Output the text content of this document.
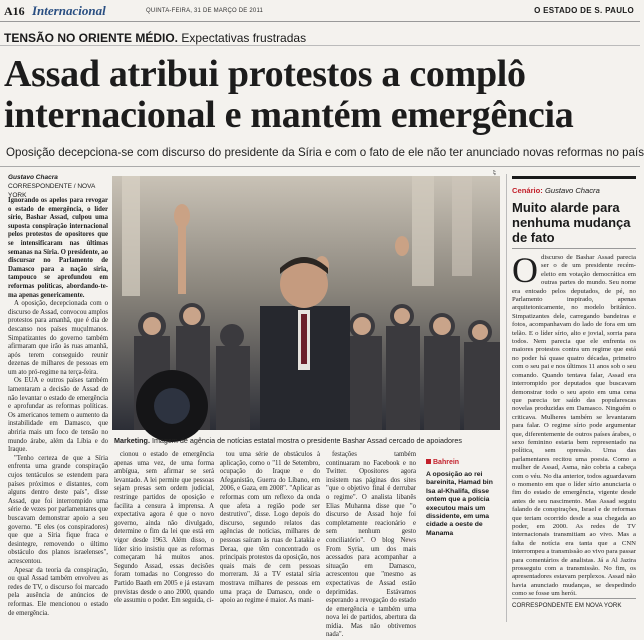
A16 Internacional	QUINTA-FEIRA, 31 DE MARÇO DE 2011	O ESTADO DE S. PAULO
TENSÃO NO ORIENTE MÉDIO. Expectativas frustradas
Assad atribui protestos a complô internacional e mantém emergência
Oposição decepciona-se com discurso do presidente da Síria e com o fato de ele não ter anunciado novas reformas no país
Gustavo Chacra
CORRESPONDENTE / NOVA YORK

Ignorando os apelos para revogar o estado de emergência, o líder sírio, Bashar Assad, culpou uma suposta conspiração internacional pelos protestos de opositores que se intensificaram nas últimas semanas na Síria. O presidente, ao discursar no Parlamento de Damasco para a nação síria, tampouco se aprofundou em reformas políticas, abordando-te-ma apenas genericamente.

A oposição, decepcionada com o discurso de Assad, convocou amplos protestos para amanhã, que é dia de descanso nos países muçulmanos. Simpatizantes do governo também afirmaram que irão às ruas amanhã, após terem conseguido reunir dezenas de milhares de pessoas em um ato pró-regime na terça-feira.

Os EUA e outros países também lamentaram a decisão de Assad de não levantar o estado de emergência e aprofundar as reformas políticas. Os americanos temem o aumento da instabilidade em Damasco, que abriria mais um foco de tensão no mundo árabe, além da Líbia e do Iraque.

"Tenho certeza de que a Síria enfrenta uma grande conspiração cujos tentáculos se estendem para países próximos e distantes, com alguns dentro deste país", disse Assad, que foi interrompido uma série de vezes por parlamentares que buscavam demonstrar apoio a seu governo. "E eles (os conspiradores) que que a Síria fique fraca e desintegre, removendo o último obstáculo dos planos israelenses", acrescentou.

Apesar da teoria da conspiração, ou qual Assad também envolveu as redes de TV, o discurso foi marcado pela ausência de anúncios de reformas. Ele mencionou o estado de emergência.

AP
Marketing. Imagem de agência de notícias estatal mostra o presidente Bashar Assad cercado de apoiadores

cionou o estado de emergência apenas uma vez, de uma forma ambígua, sem afirmar se será levantado. A lei permite que pessoas sejam presas sem ordem judicial, restringe partidos de oposição e facilita a censura à imprensa. A expectativa agora é que o novo governo, ainda não divulgado, determine o fim da lei que está em vigor desde 1963. Além disso, o líder sírio insistiu que as reformas começaram há muitos anos. Segundo Assad, essas decisões foram tomadas no Congresso do Partido Baath em 2005 e já estavam previstas desde o ano 2000, quando ele assumiu o poder. Em seguida, ci-

tou uma série de obstáculos à aplicação, como o "11 de Setembro, ocupação do Iraque e do Afeganistão, Guerra do Líbano, em 2006, e Gaza, em 2008". "Aplicar as reformas com um reflexo da onda que afeta a região pode ser destrutivo", disse. Logo depois do discurso, segundo relatos das agências de notícias, milhares de pessoas saíram às ruas de Latakia e Deraa, que têm concentrado os principais protestos da oposição, nos quais mais de cem pessoas morreram. Já a TV estatal síria mostrava milhares de pessoas em uma praça de Damasco, onde o apoio ao regime é maior. As mani-

festações também continuaram no Facebook e no Twitter. Opositores agora insistem nas páginas dos sites "que o objetivo final é derrubar o regime". O analista libanês Elias Muhanna disse que "o discurso de Assad hoje foi completamente reacionário e sem nenhum gesto conciliatório". O blog News From Syria, um dos mais acessados para acompanhar a situação em Damasco, acrescentou que "mesmo as expectativas de Assad estão deprimidas. Estávamos esperando a revogação do estado de emergência e também uma nova lei de partidos, abertura da mídia. Mas não obtivemos nada".

Bahrein
A oposição ao rei bareinita, Hamad bin Isa al-Khalifa, disse ontem que a polícia executou mais um dissidente, em uma cidade a oeste de Manama
Cenário: Gustavo Chacra
Muito alarde para nenhuma mudança de fato
Odiscurso de Bashar Assad parecia ser o de um presidente recém-eleito em votação democrática em outras partes do mundo. Seu nome era entoado pelos deputados, de pé, no Parlamento inspirado, apenas arquitetonicamente, no modelo britânico. Simpatizantes dele, carregando bandeiras e fotos, acompanhavam do lado de fora em um telão. E o líder sírio, alto e jovial, sorria para todos. Nem parecia que ele enfrenta os maiores protestos contra um regime que está no poder há quase quatro décadas, primeiro com o seu pai e nos últimos 11 anos sob o seu comando. Quando tentava falar, Assad era interrompido por deputados que buscavam demonstrar todo o seu apoio em uma cena que parecia ter saído das popularescas novelas produzidas em Damasco. Ninguém o criticava. Mulheres também se levantaram para falar. O regime sírio pode argumentar que, diferentemente de outros países árabes, o sexo feminino estaria bem representado na política, sem opressão. Uma das parlamentares recitou uma poesia. Como a mulher de Assad, Asma, não cobria a cabeça com o véu. No dia anterior, todos aguardavam o momento em que o líder sírio anunciaria o fim do estado de emergência, vigente desde antes de seu nascimento. Mas Assad seguiu falando de conspirações, Israel e de reformas que teriam ocorrido desde a sua chegada ao poder, em 2000. As redes de TV internacionais transmitiam ao vivo. Mas a falta de notícia era tanta que a CNN interrompeu a transmissão ao vivo para passar para comentários de analistas. Já a Al Jazira prosseguiu com a transmissão. No fim, os apresentadores estavam perplexos. Assad não havia anunciado mudanças, se despedindo como se fosse um herói.
CORRESPONDENTE EM NOVA YORK
